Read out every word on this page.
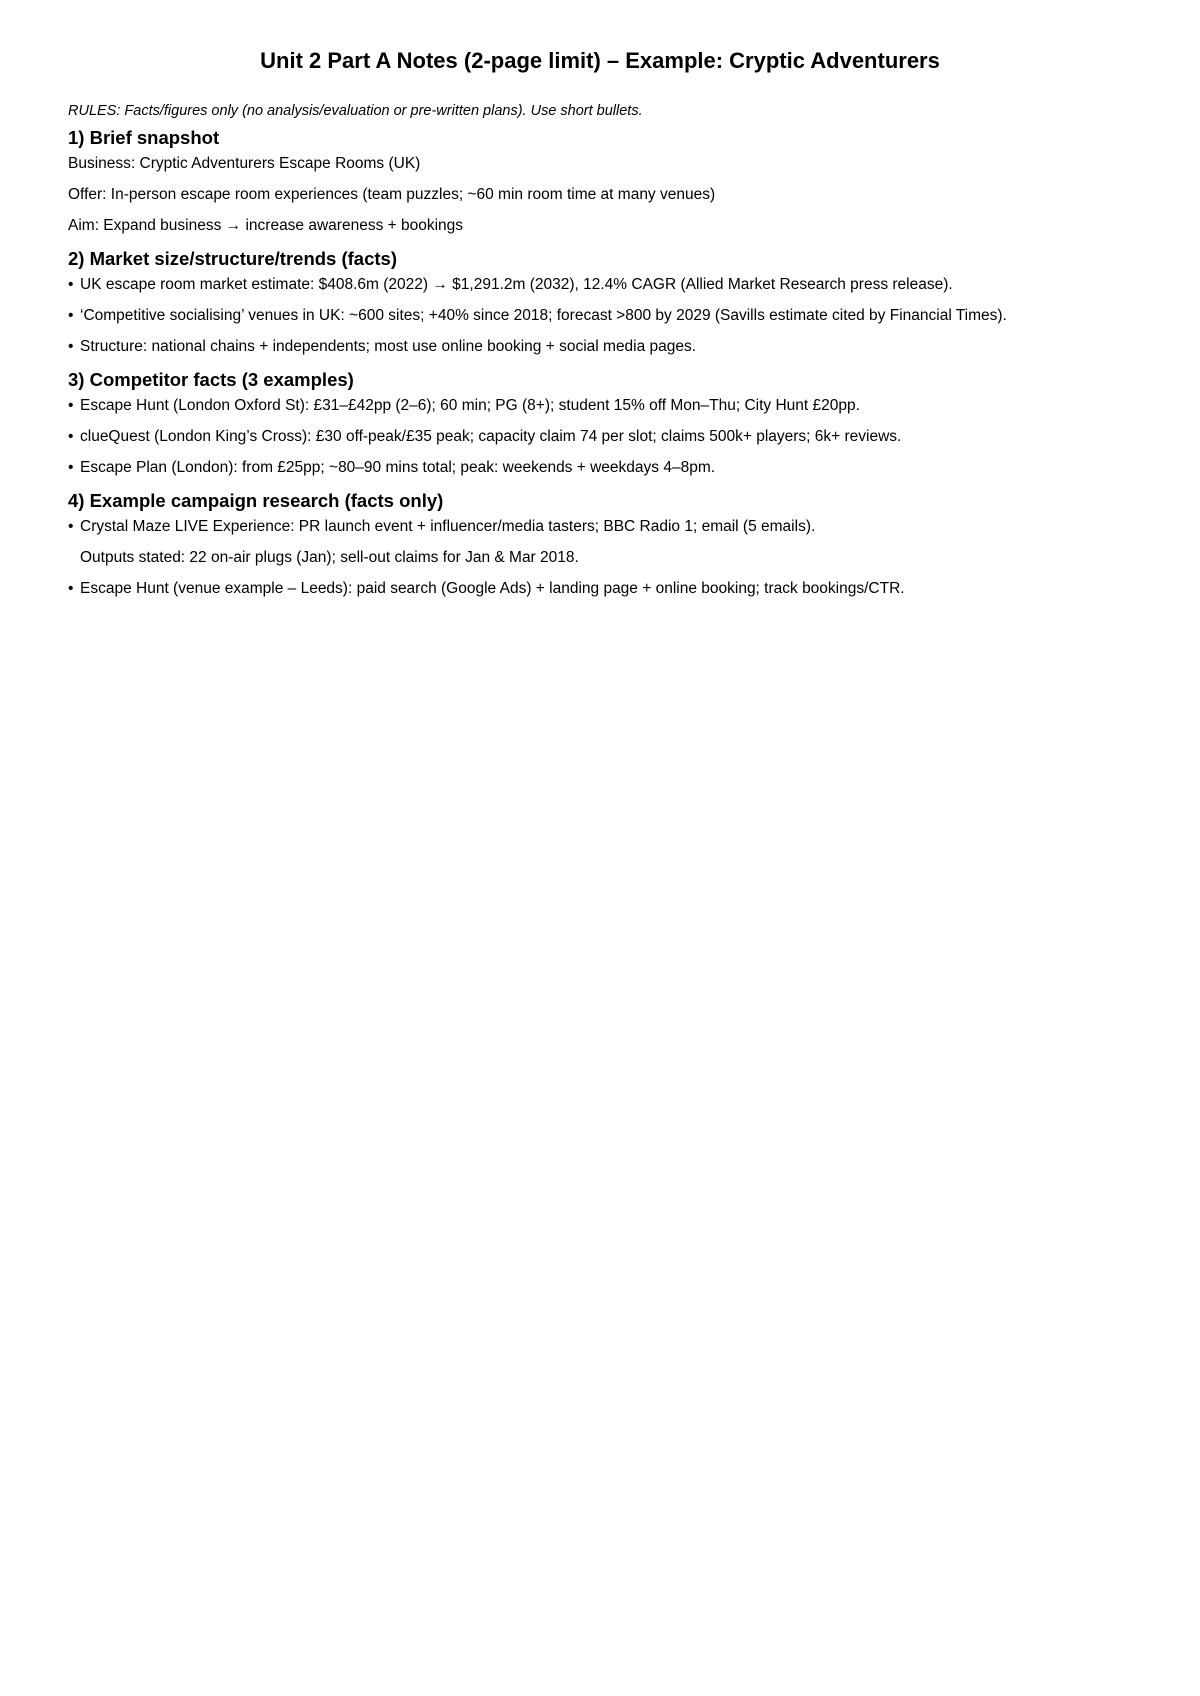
Unit 2 Part A Notes (2-page limit) – Example: Cryptic Adventurers

RULES: Facts/figures only (no analysis/evaluation or pre-written plans). Use short bullets.

1) Brief snapshot

Business: Cryptic Adventurers Escape Rooms (UK)

Offer: In-person escape room experiences (team puzzles; ~60 min room time at many venues)

Aim: Expand business → increase awareness + bookings

2) Market size/structure/trends (facts)

• UK escape room market estimate: $408.6m (2022) → $1,291.2m (2032), 12.4% CAGR (Allied Market Research press release).

• ‘Competitive socialising’ venues in UK: ~600 sites; +40% since 2018; forecast >800 by 2029 (Savills estimate cited by Financial Times).

• Structure: national chains + independents; most use online booking + social media pages.

3) Competitor facts (3 examples)

• Escape Hunt (London Oxford St): £31–£42pp (2–6); 60 min; PG (8+); student 15% off Mon–Thu; City Hunt £20pp.

• clueQuest (London King’s Cross): £30 off-peak/£35 peak; capacity claim 74 per slot; claims 500k+ players; 6k+ reviews.

• Escape Plan (London): from £25pp; ~80–90 mins total; peak: weekends + weekdays 4–8pm.

4) Example campaign research (facts only)

• Crystal Maze LIVE Experience: PR launch event + influencer/media tasters; BBC Radio 1; email (5 emails).

Outputs stated: 22 on-air plugs (Jan); sell-out claims for Jan & Mar 2018.

• Escape Hunt (venue example – Leeds): paid search (Google Ads) + landing page + online booking; track bookings/CTR.
